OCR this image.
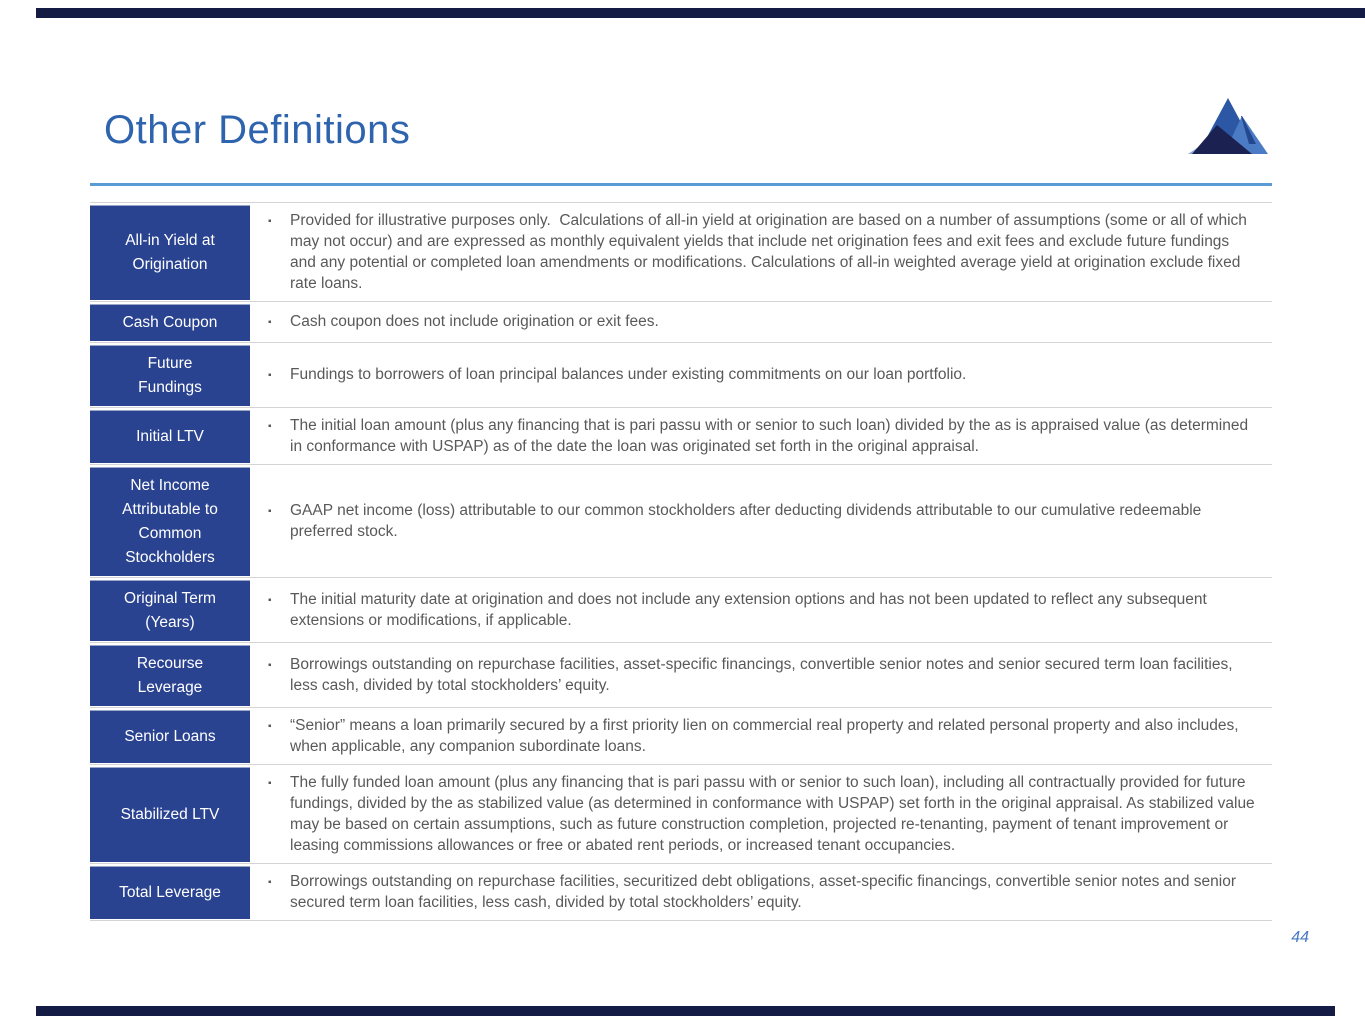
Other Definitions
All-in Yield at Origination
▪	Provided for illustrative purposes only.  Calculations of all-in yield at origination are based on a number of assumptions (some or all of which may not occur) and are expressed as monthly equivalent yields that include net origination fees and exit fees and exclude future fundings and any potential or completed loan amendments or modifications. Calculations of all-in weighted average yield at origination exclude fixed rate loans.
Cash Coupon	▪	Cash coupon does not include origination or exit fees.
Future Fundings
▪	Fundings to borrowers of loan principal balances under existing commitments on our loan portfolio.
Initial LTV
▪	The initial loan amount (plus any financing that is pari passu with or senior to such loan) divided by the as is appraised value (as determined in conformance with USPAP) as of the date the loan was originated set forth in the original appraisal.
Net Income Attributable to Common Stockholders
▪	GAAP net income (loss) attributable to our common stockholders after deducting dividends attributable to our cumulative redeemable preferred stock.
Original Term (Years)
▪	The initial maturity date at origination and does not include any extension options and has not been updated to reflect any subsequent extensions or modifications, if applicable.
Recourse Leverage
▪	Borrowings outstanding on repurchase facilities, asset-specific financings, convertible senior notes and senior secured term loan facilities, less cash, divided by total stockholders’ equity.
Senior Loans
▪	“Senior” means a loan primarily secured by a first priority lien on commercial real property and related personal property and also includes, when applicable, any companion subordinate loans.
Stabilized LTV
▪	The fully funded loan amount (plus any financing that is pari passu with or senior to such loan), including all contractually provided for future fundings, divided by the as stabilized value (as determined in conformance with USPAP) set forth in the original appraisal. As stabilized value may be based on certain assumptions, such as future construction completion, projected re-tenanting, payment of tenant improvement or leasing commissions allowances or free or abated rent periods, or increased tenant occupancies.
Total Leverage
▪	Borrowings outstanding on repurchase facilities, securitized debt obligations, asset-specific financings, convertible senior notes and senior secured term loan facilities, less cash, divided by total stockholders’ equity.
44
